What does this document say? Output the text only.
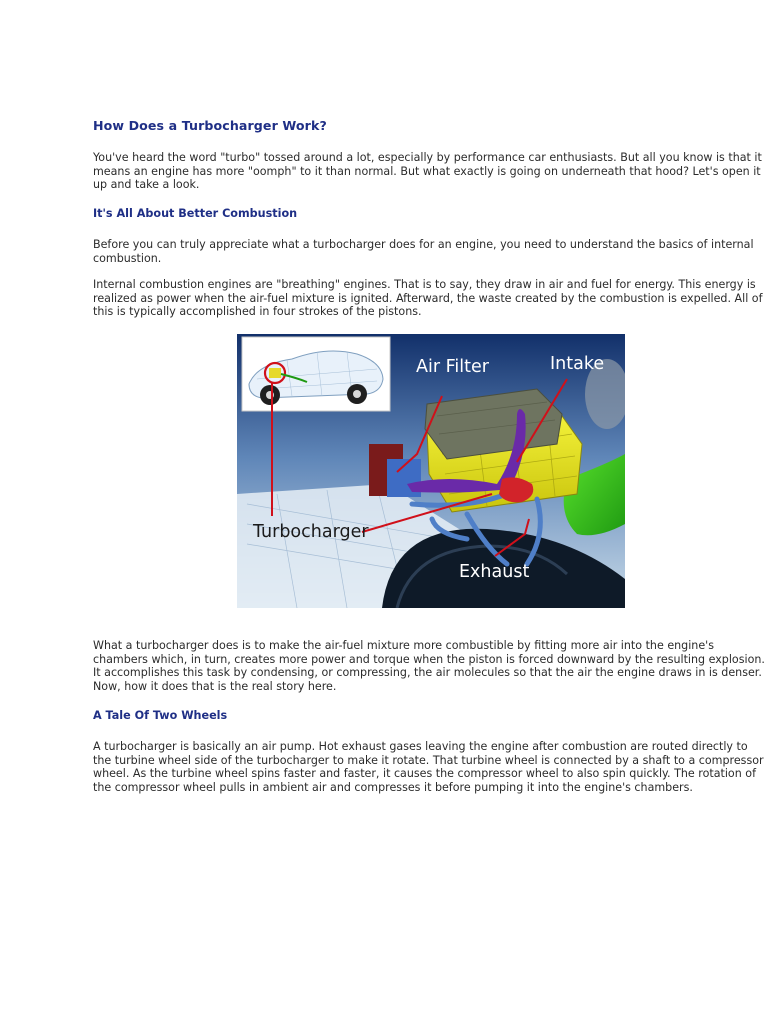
How Does a Turbocharger Work?

You've heard the word "turbo" tossed around a lot, especially by performance car enthusiasts. But all you know is that it means an engine has more "oomph" to it than normal. But what exactly is going on underneath that hood? Let's open it up and take a look.

It's All About Better Combustion

Before you can truly appreciate what a turbocharger does for an engine, you need to understand the basics of internal combustion.

Internal combustion engines are "breathing" engines. That is to say, they draw in air and fuel for energy. This energy is realized as power when the air-fuel mixture is ignited. Afterward, the waste created by the combustion is expelled. All of this is typically accomplished in four strokes of the pistons.

What a turbocharger does is to make the air-fuel mixture more combustible by fitting more air into the engine's chambers which, in turn, creates more power and torque when the piston is forced downward by the resulting explosion. It accomplishes this task by condensing, or compressing, the air molecules so that the air the engine draws in is denser. Now, how it does that is the real story here.

A Tale Of Two Wheels

A turbocharger is basically an air pump. Hot exhaust gases leaving the engine after combustion are routed directly to the turbine wheel side of the turbocharger to make it rotate. That turbine wheel is connected by a shaft to a compressor wheel. As the turbine wheel spins faster and faster, it causes the compressor wheel to also spin quickly. The rotation of the compressor wheel pulls in ambient air and compresses it before pumping it into the engine's chambers.

Air Filter	Intake
Turbocharger
Exhaust
